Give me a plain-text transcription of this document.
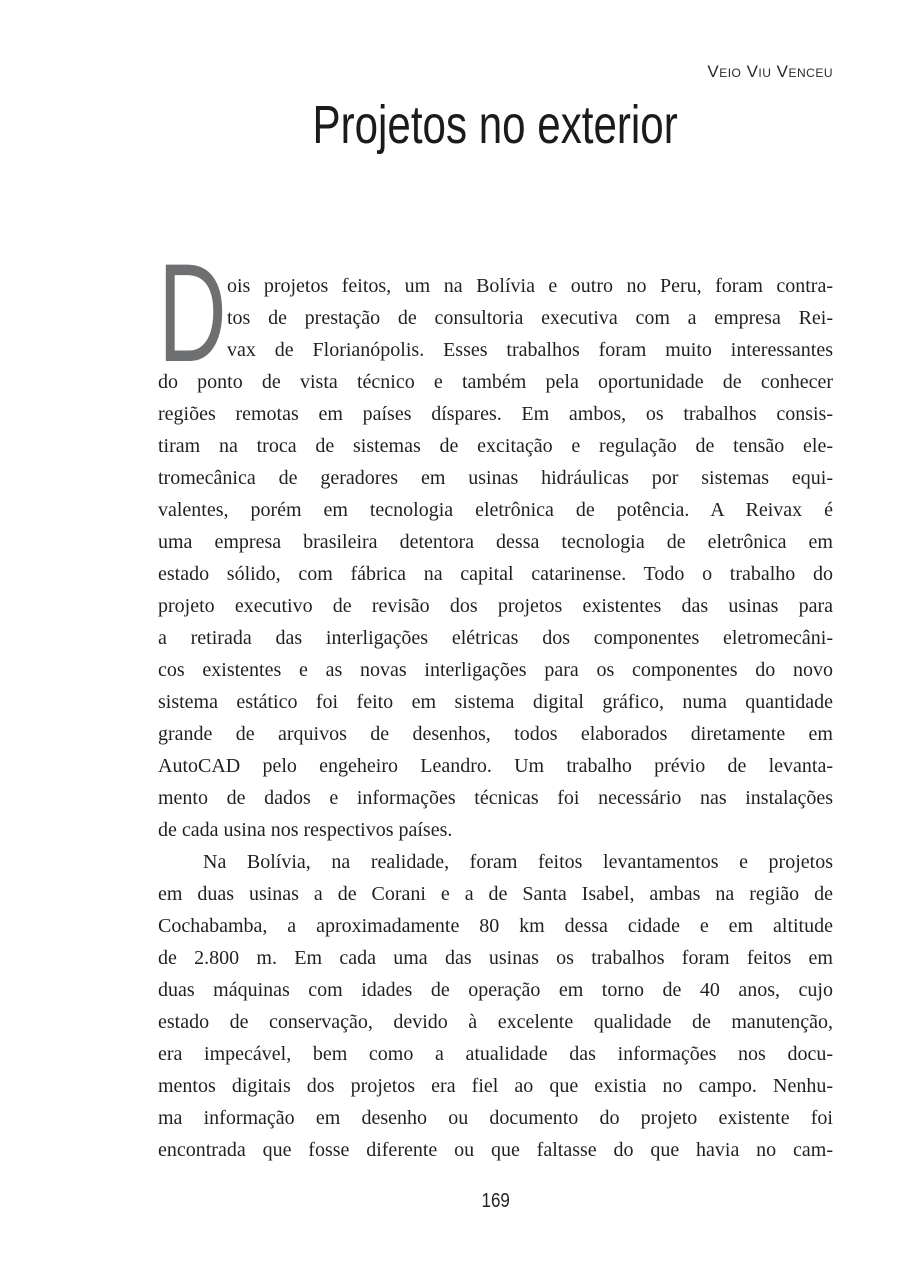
Veio Viu Venceu
Projetos no exterior
D ois projetos feitos, um na Bolívia e outro no Peru, foram contra-
tos de prestação de consultoria executiva com a empresa Rei-
vax de Florianópolis. Esses trabalhos foram muito interessantes
do ponto de vista técnico e também pela oportunidade de conhecer
regiões remotas em países díspares. Em ambos, os trabalhos consis-
tiram na troca de sistemas de excitação e regulação de tensão ele-
tromecânica de geradores em usinas hidráulicas por sistemas equi-
valentes, porém em tecnologia eletrônica de potência. A Reivax é
uma empresa brasileira detentora dessa tecnologia de eletrônica em
estado sólido, com fábrica na capital catarinense. Todo o trabalho do
projeto executivo de revisão dos projetos existentes das usinas para
a retirada das interligações elétricas dos componentes eletromecâni-
cos existentes e as novas interligações para os componentes do novo
sistema estático foi feito em sistema digital gráfico, numa quantidade
grande de arquivos de desenhos, todos elaborados diretamente em
AutoCAD pelo engeheiro Leandro. Um trabalho prévio de levanta-
mento de dados e informações técnicas foi necessário nas instalações
de cada usina nos respectivos países.
Na Bolívia, na realidade, foram feitos levantamentos e projetos
em duas usinas a de Corani e a de Santa Isabel, ambas na região de
Cochabamba, a aproximadamente 80 km dessa cidade e em altitude
de 2.800 m. Em cada uma das usinas os trabalhos foram feitos em
duas máquinas com idades de operação em torno de 40 anos, cujo
estado de conservação, devido à excelente qualidade de manutenção,
era impecável, bem como a atualidade das informações nos docu-
mentos digitais dos projetos era fiel ao que existia no campo. Nenhu-
ma informação em desenho ou documento do projeto existente foi
encontrada que fosse diferente ou que faltasse do que havia no cam-
169
